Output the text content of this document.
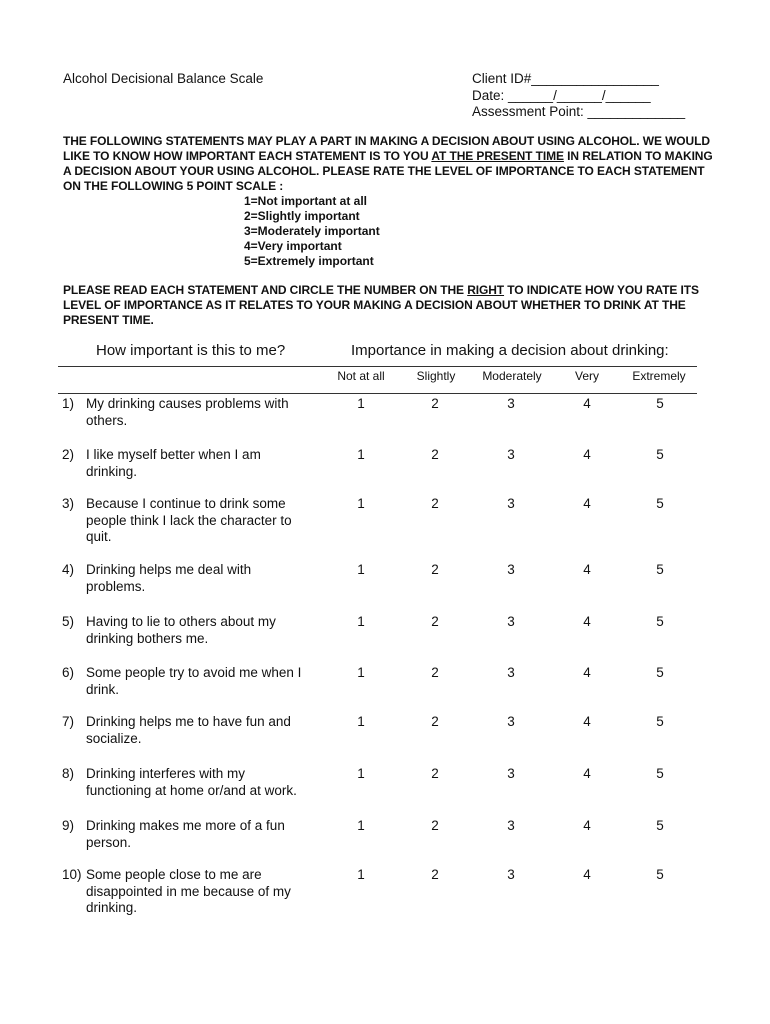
Alcohol Decisional Balance Scale	Client ID#_________________
Date: ______/______/______
Assessment Point: _____________
THE FOLLOWING STATEMENTS MAY PLAY A PART IN MAKING A DECISION ABOUT USING ALCOHOL. WE WOULD LIKE TO KNOW HOW IMPORTANT EACH STATEMENT IS TO YOU AT THE PRESENT TIME IN RELATION TO MAKING A DECISION ABOUT YOUR USING ALCOHOL. PLEASE RATE THE LEVEL OF IMPORTANCE TO EACH STATEMENT ON THE FOLLOWING 5 POINT SCALE :
1=Not important at all
2=Slightly important
3=Moderately important
4=Very important
5=Extremely important
PLEASE READ EACH STATEMENT AND CIRCLE THE NUMBER ON THE RIGHT TO INDICATE HOW YOU RATE ITS LEVEL OF IMPORTANCE AS IT RELATES TO YOUR MAKING A DECISION ABOUT WHETHER TO DRINK AT THE PRESENT TIME.
How important is this to me?	Importance in making a decision about drinking:
Not at all	Slightly	Moderately	Very	Extremely
1) My drinking causes problems with others.
1	2	3	4	5
2) I like myself better when I am drinking.
1	2	3	4	5
3) Because I continue to drink some people think I lack the character to quit.
1	2	3	4	5
4) Drinking helps me deal with problems.
1	2	3	4	5
5) Having to lie to others about my drinking bothers me.
1	2	3	4	5
6) Some people try to avoid me when I drink.
1	2	3	4	5
7) Drinking helps me to have fun and socialize.
1	2	3	4	5
8) Drinking interferes with my functioning at home or/and at work.
1	2	3	4	5
9) Drinking makes me more of a fun person.
1	2	3	4	5
10) Some people close to me are disappointed in me because of my drinking.
1	2	3	4	5
